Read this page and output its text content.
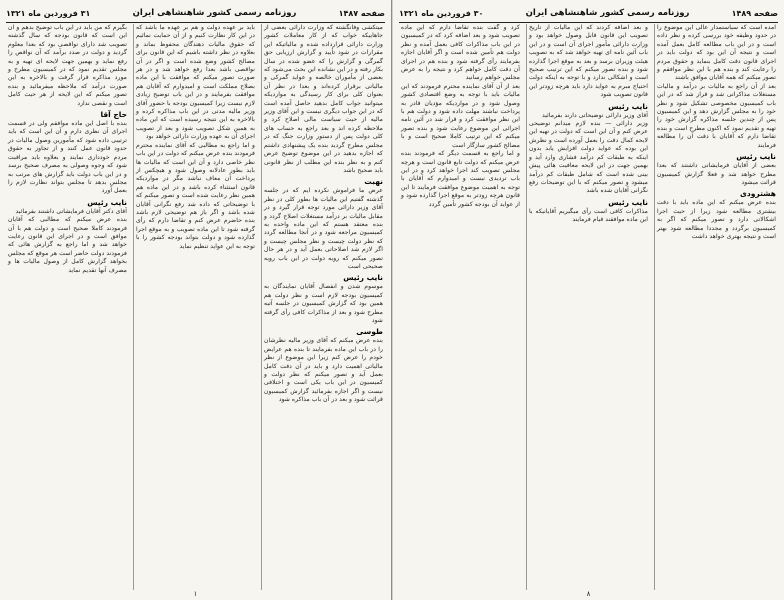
صفحه ۱۴۸۷
روزنامه رسمی کشور شاهنشاهی ایران
۳۱ فروردین ماه ۱۳۲۱

بگیرم که من باید در این باب توضیح بدهم و آن این است که قانون بودجه که سال گذشته تصویب شد دارای نواقصی بود که بعدا معلوم گردید و دولت در صدد برآمد که آن نواقص را رفع نماید و بهمین جهت لایحه ای تهیه و به مجلس تقدیم نمود که در کمیسیون مطرح و مورد مذاکره قرار گرفت و بالاخره به این صورت درآمد که ملاحظه میفرمائید و بنده تصور میکنم که این لایحه از هر حیث کامل است و نقصی ندارد

حاج آقا

بنده با اصل این ماده موافقم ولی در قسمت اجرای آن نظری دارم و آن این است که باید ترتیبی داده شود که مأمورین وصول مالیات در حدود قانون عمل کنند و از تجاوز به حقوق مردم خودداری نمایند و بعلاوه باید مراقبت شود که وجوه وصولی به مصرف صحیح برسد و در این باب دولت باید گزارش های مرتب به مجلس بدهد تا مجلس بتواند نظارت لازم را بعمل آورد

نایب رئیس

آقای دکتر آقایان فرمایشاتی داشتند بفرمائید

بنده عرض میکنم که مطالبی که آقایان فرمودند کاملا صحیح است و دولت هم با آن موافق است و در اجرای این قانون رعایت خواهد شد و اما راجع به گزارش هائی که فرمودند دولت حاضر است هر موقع که مجلس بخواهد گزارش کامل از وصول مالیات ها و مصرف آنها تقدیم نماید

باید بر عهده دولت و هم بر عهده ما باشد که در این کار نظارت کنیم و از آن حمایت نمائیم که حقوق مالیات دهندگان محفوظ بماند و بعلاوه در نظر داشته باشیم که این قانون برای مصالح کشور وضع شده است و اگر در آن نواقصی باشد بعدا رفع خواهد شد و در هر صورت تصور میکنم که موافقت با این ماده بصلاح مملکت است و امیدوارم که آقایان هم موافقت بفرمایند و در این باب توضیح زیادی لازم نیست زیرا کمیسیون بودجه با حضور آقای وزیر مالیه مدتی در این باب مذاکره کرده و بالاخره به این نتیجه رسیده است که این ماده به همین شکل تصویب شود و بعد از تصویب اجرای آن به عهده وزارت دارائی خواهد بود

و اما راجع به مطالبی که آقای نماینده محترم فرمودند بنده عرض میکنم که دولت در این باب نظر خاصی دارد و آن این است که مالیات ها باید بطور عادلانه وصول شود و هیچکس از پرداخت آن معاف نباشد مگر در مواردیکه قانون استثناء کرده باشد و در این ماده هم همین نظر رعایت شده است و تصور میکنم که با توضیحاتی که داده شد رفع نگرانی آقایان شده باشد و اگر باز هم توضیحی لازم باشد بنده حاضرم عرض کنم و تقاضا دارم که رأی گرفته شود تا این ماده تصویب و به موقع اجرا گذارده شود و دولت بتواند بودجه کشور را با توجه به این عواید تنظیم نماید

میتکشی وفانگشته که وزارت دارائی بعضی از جاهاییکه خواب که از کار معاملات کشور وزارت دارائی قرارداده شده و مالیاتیکه این مقرارات در شود تأیید و گزارش ارزیابی حق گمرگی و گزارش را که عضو شده در سال بکار رفته و در این نشانده این بحث می‌شود که بعضی از مأموران خالصه و عواید گمرکی و مالیاتی برقرار کرده‌اند و بعدا در نظر آن بعنوان کلی برای کار رسیدگی به مواردیکه میتوانید جواب کامل بدهید حاصل آمده است که در این جواب دیگری نیست و این آقای وزیر مالیه از حیث سیاست مالی اصلاح کرد و ملاحظه کرده اند و بعد راجع به حساب های کلی دولت پس از دستور وزارت جنگ که در مجلس مطرح گردید بنده یک پیشنهادی داشتم که اجازه بدهید در این موضوع توضیح عرض کنم و به نظر بنده این مطلب از نظر قانونی باید صحیح باشد

نهبت

عرض ما فراموش نکرده ایم که در جلسه گذشته گفتیم این مالیات ها بطور کلی در نظر آقای وزیر دارائی مورد توجه قرار گیرد و در مقابل مالیات بر درآمد مستغلات اصلاح گردد و بنده معتقد هستم که این ماده واحده به کمیسیون مراجعه شود و در آنجا مطالعه گردد که نظر دولت چیست و نظر مجلس چیست و اگر لازم شد اصلاحاتی بعمل آید و در هر حال تصور میکنم که رویه دولت در این باب رویه صحیحی است

نایب رئیس

موسوم شدن و انفصال آقایان نمایندگان به کمیسیون بودجه لازم است و نظر دولت هم همین بود که گزارش کمیسیون در جلسه آتیه مطرح شود و بعد از مذاکرات کافی رأی گرفته شود

طوسی

بنده عرض میکنم که آقای وزیر مالیه نظرشان را در باب این ماده بفرمایند تا بنده هم عرایض خودم را عرض کنم زیرا این موضوع از نظر مالیاتی اهمیت دارد و باید در آن دقت کامل بعمل آید و تصور میکنم که نظر دولت و کمیسیون در این باب یکی است و اختلافی نیست و اگر اجازه بفرمائید گزارش کمیسیون قرائت شود و بعد در آن باب مذاکره شود

۱
صفحه ۱۴۸۹
روزنامه رسمی کشور شاهنشاهی ایران
۳۰ فروردین ماه ۱۳۲۱

کرد و گفت بنده تقاضا دارم که این ماده تصویب شود و بعد اضافه کرد که در کمیسیون در این باب مذاکرات کافی بعمل آمده و نظر دولت هم تأمین شده است و اگر آقایان اجازه بفرمایند رأی گرفته شود و بنده هم در اجرای آن دقت کامل خواهم کرد و نتیجه را به عرض مجلس خواهم رسانید

بعد از آن آقای نماینده محترم فرمودند که این مالیات باید با توجه به وضع اقتصادی کشور وصول شود و در مواردیکه مؤدیان قادر به پرداخت نباشند مهلت داده شود و دولت هم با این نظر موافقت کرد و قرار شد در آئین نامه اجرائی این موضوع رعایت شود و بنده تصور میکنم که این ترتیب کاملا صحیح است و با مصالح کشور سازگار است

و اما راجع به قسمت دیگر که فرمودند بنده عرض میکنم که دولت تابع قانون است و هرچه مجلس تصویب کند اجرا خواهد کرد و در این باب تردیدی نیست و امیدوارم که آقایان با توجه به اهمیت موضوع موافقت فرمایند تا این قانون هرچه زودتر به موقع اجرا گذارده شود و از عواید آن بودجه کشور تأمین گردد

و بعد اضافه کردند که این مالیات از تاریخ تصویب این قانون قابل وصول خواهد بود و وزارت دارائی مأمور اجرای آن است و در این باب آئین نامه ای تهیه خواهد شد که به تصویب هیئت وزیران برسد و بعد به موقع اجرا گذارده شود و بنده تصور میکنم که این ترتیب صحیح است و اشکالی ندارد و با توجه به اینکه دولت احتیاج مبرم به عواید دارد باید هرچه زودتر این قانون تصویب شود

نایب رئیس

آقای وزیر دارائی توضیحاتی دارند بفرمائید

وزیر دارائی — بنده لازم میدانم توضیحی عرض کنم و آن این است که دولت در تهیه این لایحه کمال دقت را بعمل آورده است و نظرش این بوده که عواید دولت افزایش یابد بدون اینکه به طبقات کم درآمد فشاری وارد آید و بهمین جهت در این لایحه معافیت هائی پیش بینی شده است که شامل طبقات کم درآمد میشود و تصور میکنم که با این توضیحات رفع نگرانی آقایان شده باشد

نایب رئیس

مذاکرات کافی است رأی میگیریم آقایانیکه با این ماده موافقند قیام فرمایند

آمده است که سیاستمدار عالی این موضوع را در حدود وظیفه خود بررسی کرده و نظر داده است و در این باب مطالعه کامل بعمل آمده است و نتیجه آن این بود که دولت باید در اجرای قانون دقت کامل بنماید و حقوق مردم را رعایت کند و بنده هم با این نظر موافقم و تصور میکنم که همه آقایان موافق باشند

بعد از آن راجع به مالیات بر درآمد و مالیات مستغلات مذاکراتی شد و قرار شد که در این باب کمیسیون مخصوصی تشکیل شود و نظر خود را به مجلس گزارش دهد و این کمیسیون پس از چندین جلسه مذاکره گزارش خود را تهیه و تقدیم نمود که اکنون مطرح است و بنده تقاضا دارم که آقایان با دقت آن را مطالعه فرمایند

نایب رئیس

بعضی از آقایان فرمایشاتی داشتند که بعدا مطرح خواهد شد و فعلا گزارش کمیسیون قرائت میشود

هشترودی

بنده عرض میکنم که این ماده باید با دقت بیشتری مطالعه شود زیرا از حیث اجرا اشکالاتی دارد و تصور میکنم که اگر به کمیسیون برگردد و مجددا مطالعه شود بهتر است و نتیجه بهتری خواهد داشت

۸
